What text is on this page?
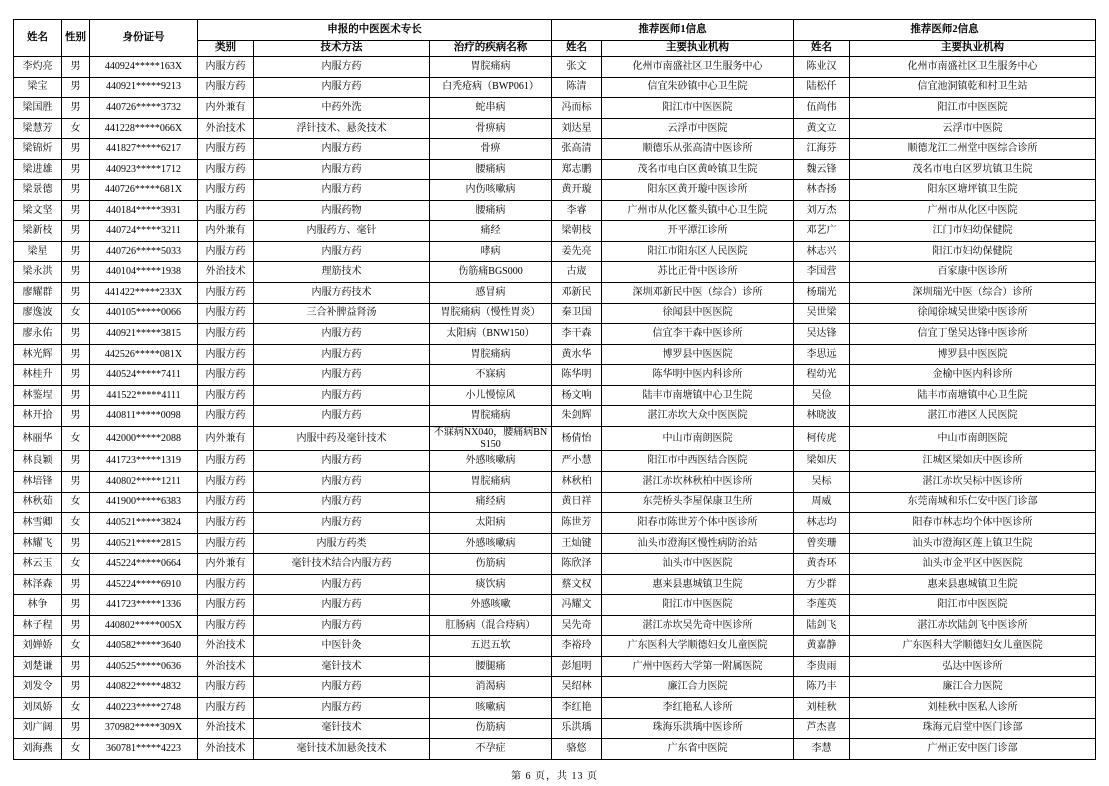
姓名	性别	身份证号	申报的中医医术专长			推荐医师1信息		推荐医师2信息	
			类别	技术方法	治疗的疾病名称	姓名	主要执业机构	姓名	主要执业机构
李灼亮	男	440924*****163X	内服方药	内服方药	胃脘痛病	张文	化州市南盛社区卫生服务中心	陈业汉	化州市南盛社区卫生服务中心
梁宝	男	440921*****9213	内服方药	内服方药	白秃疮病（BWP061）	陈清	信宜朱砂镇中心卫生院	陆松仟	信宜池洞镇乾和村卫生站
梁国胜	男	440726*****3732	内外兼有	中药外洗	蛇串病	冯而标	阳江市中医医院	伍尚伟	阳江市中医医院
梁慧芳	女	441228*****066X	外治技术	浮针技术、悬灸技术	骨痹病	刘达星	云浮市中医院	黄文立	云浮市中医院
梁锦炘	男	441827*****6217	内服方药	内服方药	骨痹	张高清	顺德乐从张高清中医诊所	江海芬	顺德龙江二州堂中医综合诊所
梁进雄	男	440923*****1712	内服方药	内服方药	腰痛病	郑志鹏	茂名市电白区黄岭镇卫生院	魏云锋	茂名市电白区罗坑镇卫生院
梁景德	男	440726*****681X	内服方药	内服方药	内伤咳嗽病	黄开璇	阳东区黄开璇中医诊所	林杏扬	阳东区塘坪镇卫生院
梁文坚	男	440184*****3931	内服方药	内服药物	腰痛病	李睿	广州市从化区鳌头镇中心卫生院	刘万杰	广州市从化区中医院
梁新枝	男	440724*****3211	内外兼有	内服药方、毫针	痛经	梁朝枝	开平潭江诊所	邓艺广	江门市妇幼保健院
梁星	男	440726*****5033	内服方药	内服方药	哮病	姜先亮	阳江市阳东区人民医院	林志兴	阳江市妇幼保健院
梁永洪	男	440104*****1938	外治技术	理筋技术	伤筋痛BGS000	古宬	苏比正骨中医诊所	李国营	百家康中医诊所
廖耀群	男	441422*****233X	内服方药	内服方药技术	感冒病	邓新民	深圳邓新民中医（综合）诊所	杨瑞光	深圳瑞光中医（综合）诊所
廖逸波	女	440105*****0066	内服方药	三合补脾益肾汤	胃脘痛病（慢性胃炎）	秦卫国	徐闻县中医医院	吴世梁	徐闻徐城吴世梁中医诊所
廖永佑	男	440921*****3815	内服方药	内服方药	太阳病（BNW150）	李干森	信宜李干森中医诊所	吴达锋	信宜丁堡吴达锋中医诊所
林光辉	男	442526*****081X	内服方药	内服方药	胃脘痛病	黄水华	博罗县中医医院	李思远	博罗县中医医院
林桂升	男	440524*****7411	内服方药	内服方药	不寐病	陈华明	陈华明中医内科诊所	程幼光	金榆中医内科诊所
林鉴埕	男	441522*****4111	内服方药	内服方药	小儿慢惊风	杨文响	陆丰市南塘镇中心卫生院	吴俭	陆丰市南塘镇中心卫生院
林开拾	男	440811*****0098	内服方药	内服方药	胃脘痛病	朱剑辉	湛江赤坎大众中医医院	林晓波	湛江市港区人民医院
林丽华	女	442000*****2088	内外兼有	内服中药及毫针技术	不寐病NX040，腰痛病BNS150	杨倩怡	中山市南朗医院	柯传虎	中山市南朗医院
林良颖	男	441723*****1319	内服方药	内服方药	外感咳嗽病	严小慧	阳江市中西医结合医院	梁如庆	江城区梁如庆中医诊所
林培锋	男	440802*****1211	内服方药	内服方药	胃脘痛病	林秋柏	湛江赤坎林秋柏中医诊所	吴标	湛江赤坎吴标中医诊所
林秋茹	女	441900*****6383	内服方药	内服方药	痛经病	黄日祥	东莞桥头李屋保康卫生所	周威	东莞南城和乐仁安中医门诊部
林雪卿	女	440521*****3824	内服方药	内服方药	太阳病	陈世芳	阳春市陈世芳个体中医诊所	林志均	阳春市林志均个体中医诊所
林耀飞	男	440521*****2815	内服方药	内服方药类	外感咳嗽病	王灿键	汕头市澄海区慢性病防治站	曾奕珊	汕头市澄海区莲上镇卫生院
林云玉	女	445224*****0664	内外兼有	毫针技术结合内服方药	伤筋病	陈欣泽	汕头市中医医院	黄杏环	汕头市金平区中医医院
林泽森	男	445224*****6910	内服方药	内服方药	痰饮病	蔡文权	惠来县惠城镇卫生院	方少群	惠来县惠城镇卫生院
林争	男	441723*****1336	内服方药	内服方药	外感咳嗽	冯耀文	阳江市中医医院	李莲英	阳江市中医医院
林子程	男	440802*****005X	内服方药	内服方药	肛肠病（混合痔病）	吴先奇	湛江赤坎吴先奇中医诊所	陆剑飞	湛江赤坎陆剑飞中医诊所
刘婵娇	女	440582*****3640	外治技术	中医针灸	五迟五软	李裕玲	广东医科大学顺德妇女儿童医院	黄嘉静	广东医科大学顺德妇女儿童医院
刘楚谦	男	440525*****0636	外治技术	毫针技术	腰腿痛	彭旭明	广州中医药大学第一附属医院	李贵雨	弘达中医诊所
刘发令	男	440822*****4832	内服方药	内服方药	消渴病	吴绍林	廉江合力医院	陈乃丰	廉江合力医院
刘凤娇	女	440223*****2748	内服方药	内服方药	咳嗽病	李红艳	李红艳私人诊所	刘桂秋	刘桂秋中医私人诊所
刘广阔	男	370982*****309X	外治技术	毫针技术	伤筋病	乐洪瑀	珠海乐洪瑀中医诊所	芦杰喜	珠海元启堂中医门诊部
刘海燕	女	360781*****4223	外治技术	毫针技术加悬灸技术	不孕症	骆悠	广东省中医院	李慧	广州正安中医门诊部
第 6 页，共 13 页
